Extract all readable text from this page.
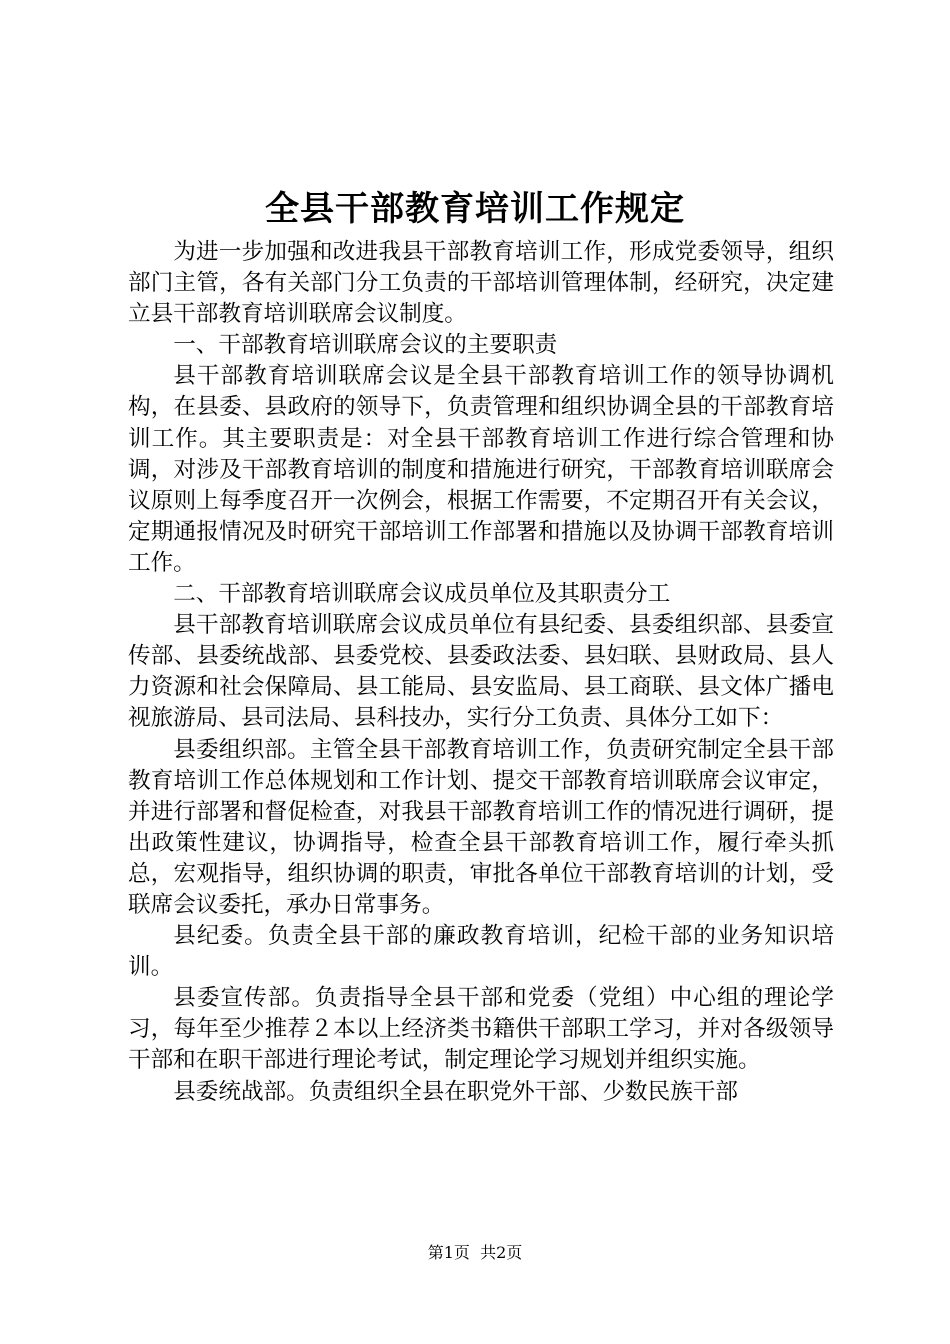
全县干部教育培训工作规定

为进一步加强和改进我县干部教育培训工作，形成党委领导，组织部门主管，各有关部门分工负责的干部培训管理体制，经研究，决定建立县干部教育培训联席会议制度。

一、干部教育培训联席会议的主要职责

县干部教育培训联席会议是全县干部教育培训工作的领导协调机构，在县委、县政府的领导下，负责管理和组织协调全县的干部教育培训工作。其主要职责是：对全县干部教育培训工作进行综合管理和协调，对涉及干部教育培训的制度和措施进行研究，干部教育培训联席会议原则上每季度召开一次例会，根据工作需要，不定期召开有关会议，定期通报情况及时研究干部培训工作部署和措施以及协调干部教育培训工作。

二、干部教育培训联席会议成员单位及其职责分工

县干部教育培训联席会议成员单位有县纪委、县委组织部、县委宣传部、县委统战部、县委党校、县委政法委、县妇联、县财政局、县人力资源和社会保障局、县工能局、县安监局、县工商联、县文体广播电视旅游局、县司法局、县科技办，实行分工负责、具体分工如下：

县委组织部。主管全县干部教育培训工作，负责研究制定全县干部教育培训工作总体规划和工作计划、提交干部教育培训联席会议审定，并进行部署和督促检查，对我县干部教育培训工作的情况进行调研，提出政策性建议，协调指导，检查全县干部教育培训工作，履行牵头抓总，宏观指导，组织协调的职责，审批各单位干部教育培训的计划，受联席会议委托，承办日常事务。

县纪委。负责全县干部的廉政教育培训，纪检干部的业务知识培训。

县委宣传部。负责指导全县干部和党委（党组）中心组的理论学习，每年至少推荐２本以上经济类书籍供干部职工学习，并对各级领导干部和在职干部进行理论考试，制定理论学习规划并组织实施。

县委统战部。负责组织全县在职党外干部、少数民族干部

第1页 共2页
